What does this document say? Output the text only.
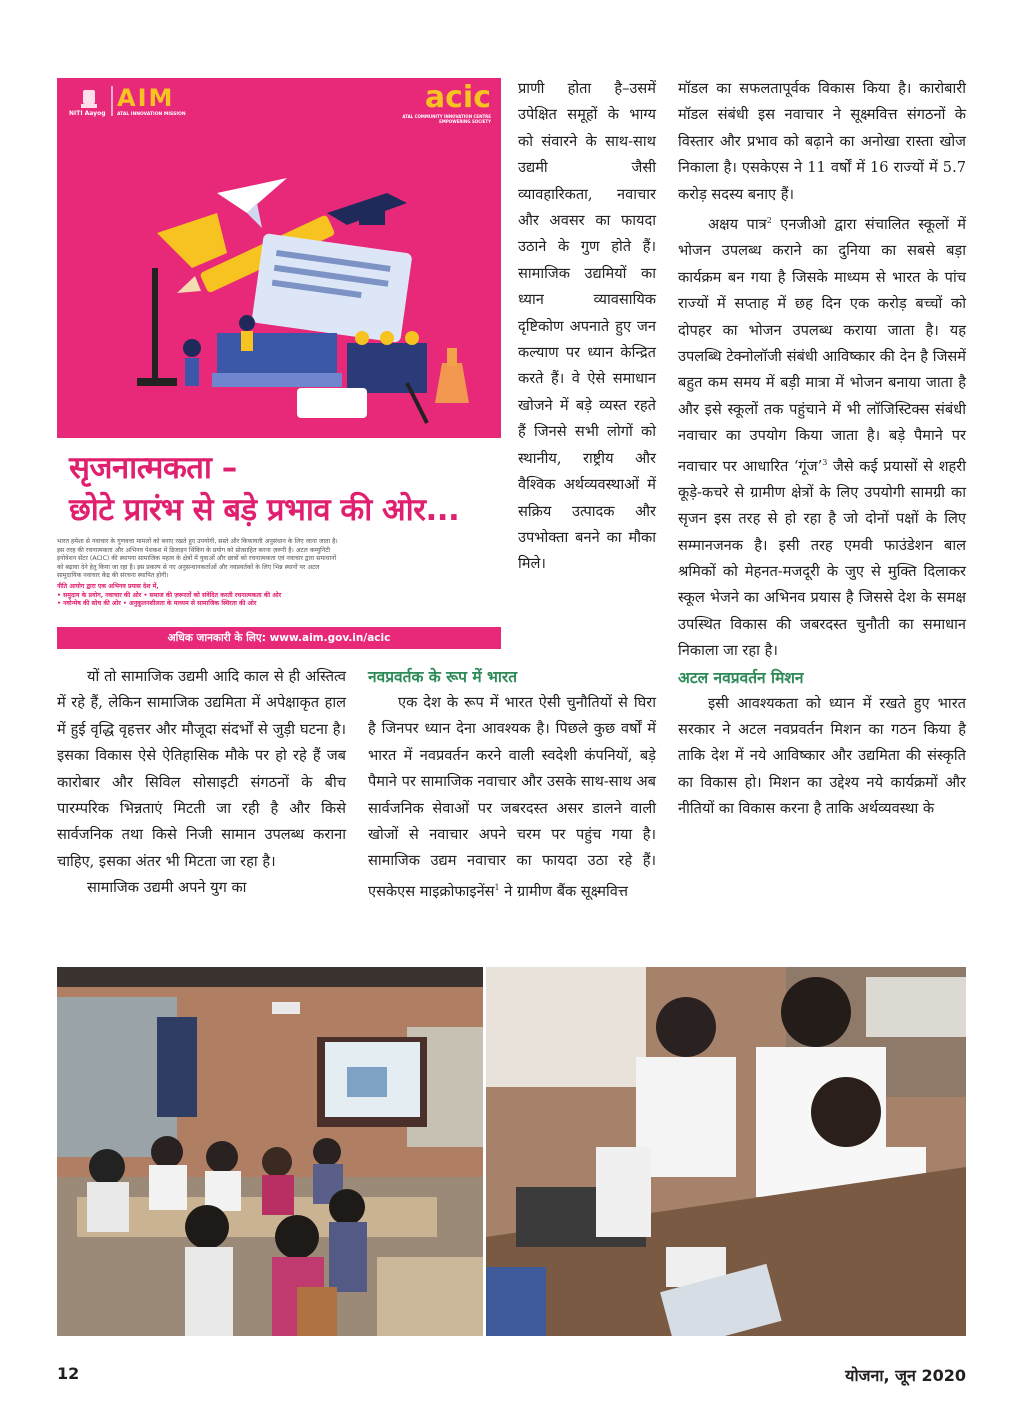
NITI Aayog
AIM
ATAL INNOVATION MISSION	acic
ATAL COMMUNITY INNOVATION CENTRE
EMPOWERING SOCIETY
सृजनात्मकता –
छोटे प्रारंभ से बड़े प्रभाव की ओर...
भारत हमेशा से नवाचार के गुणवत्ता मामलों को बनाए रखते हुए उपयोगी, सस्ते और किफायती अनुसंधान के लिए जाना जाता है।
इस तरह की रचनात्मकता और अभिनव पेशकश में डिजाइन थिंकिंग के प्रयोग को प्रोत्साहित करना ज़रूरी है। अटल कम्युनिटी
इनोवेशन सेंटर (ACIC) की स्थापना सामाजिक महत्व के क्षेत्रों में युवाओं और छात्रों को रचनात्मकता एवं नवाचार द्वारा समाधानों
को बढ़ावा देने हेतु किया जा रहा है। इस प्रकल्प से नए अनुसन्धानकर्ताओं और नवप्रवर्तकों के लिए भिन्न स्थानों पर अटल
सामुदायिक नवाचार केंद्र की संरचना स्थापित होगी।
नीति आयोग द्वारा एक अभिनव प्रयास देश में,
• समुदाय के प्रयोग, नवाचार की ओर • समाज की ज़रूरतों को संवेदित करती रचनात्मकता की ओर
• नवोन्मेष की सोच की ओर • अनुकूलनशीलता के माध्यम से सामाजिक स्थिरता की ओर
अधिक जानकारी के लिए: www.aim.gov.in/acic

प्राणी होता है–उसमें उपेक्षित समूहों के भाग्य को संवारने के साथ-साथ उद्यमी जैसी व्यावहारिकता, नवाचार और अवसर का फायदा उठाने के गुण होते हैं। सामाजिक उद्यमियों का ध्यान व्यावसायिक दृष्टिकोण अपनाते हुए जन कल्याण पर ध्यान केन्द्रित करते हैं। वे ऐसे समाधान खोजने में बड़े व्यस्त रहते हैं जिनसे सभी लोगों को स्थानीय, राष्ट्रीय और वैश्विक अर्थव्यवस्थाओं में सक्रिय उत्पादक और उपभोक्ता बनने का मौका मिले।

यों तो सामाजिक उद्यमी आदि काल से ही अस्तित्व में रहे हैं, लेकिन सामाजिक उद्यमिता में अपेक्षाकृत हाल में हुई वृद्धि वृहत्तर और मौजूदा संदर्भों से जुड़ी घटना है। इसका विकास ऐसे ऐतिहासिक मौके पर हो रहे हैं जब कारोबार और सिविल सोसाइटी संगठनों के बीच पारम्परिक भिन्नताएं मिटती जा रही है और किसे सार्वजनिक तथा किसे निजी सामान उपलब्ध कराना चाहिए, इसका अंतर भी मिटता जा रहा है।

सामाजिक उद्यमी अपने युग का

नवप्रवर्तक के रूप में भारत

एक देश के रूप में भारत ऐसी चुनौतियों से घिरा है जिनपर ध्यान देना आवश्यक है। पिछले कुछ वर्षों में भारत में नवप्रवर्तन करने वाली स्वदेशी कंपनियों, बड़े पैमाने पर सामाजिक नवाचार और उसके साथ-साथ अब सार्वजनिक सेवाओं पर जबरदस्त असर डालने वाली खोजों से नवाचार अपने चरम पर पहुंच गया है। सामाजिक उद्यम नवाचार का फायदा उठा रहे हैं। एसकेएस माइक्रोफाइनेंस$^1$ ने ग्रामीण बैंक सूक्ष्मवित्त

मॉडल का सफलतापूर्वक विकास किया है। कारोबारी मॉडल संबंधी इस नवाचार ने सूक्ष्मवित्त संगठनों के विस्तार और प्रभाव को बढ़ाने का अनोखा रास्ता खोज निकाला है। एसकेएस ने 11 वर्षों में 16 राज्यों में 5.7 करोड़ सदस्य बनाए हैं।

अक्षय पात्र$^2$ एनजीओ द्वारा संचालित स्कूलों में भोजन उपलब्ध कराने का दुनिया का सबसे बड़ा कार्यक्रम बन गया है जिसके माध्यम से भारत के पांच राज्यों में सप्ताह में छह दिन एक करोड़ बच्चों को दोपहर का भोजन उपलब्ध कराया जाता है। यह उपलब्धि टेक्नोलॉजी संबंधी आविष्कार की देन है जिसमें बहुत कम समय में बड़ी मात्रा में भोजन बनाया जाता है और इसे स्कूलों तक पहुंचाने में भी लॉजिस्टिक्स संबंधी नवाचार का उपयोग किया जाता है। बड़े पैमाने पर नवाचार पर आधारित ‘गूंज’$^3$ जैसे कई प्रयासों से शहरी कूड़े-कचरे से ग्रामीण क्षेत्रों के लिए उपयोगी सामग्री का सृजन इस तरह से हो रहा है जो दोनों पक्षों के लिए सम्मानजनक है। इसी तरह एमवी फाउंडेशन बाल श्रमिकों को मेहनत-मजदूरी के जुए से मुक्ति दिलाकर स्कूल भेजने का अभिनव प्रयास है जिससे देश के समक्ष उपस्थित विकास की जबरदस्त चुनौती का समाधान निकाला जा रहा है।

अटल नवप्रवर्तन मिशन

इसी आवश्यकता को ध्यान में रखते हुए भारत सरकार ने अटल नवप्रवर्तन मिशन का गठन किया है ताकि देश में नये आविष्कार और उद्यमिता की संस्कृति का विकास हो। मिशन का उद्देश्य नये कार्यक्रमों और नीतियों का विकास करना है ताकि अर्थव्यवस्था के

12	योजना, जून 2020
